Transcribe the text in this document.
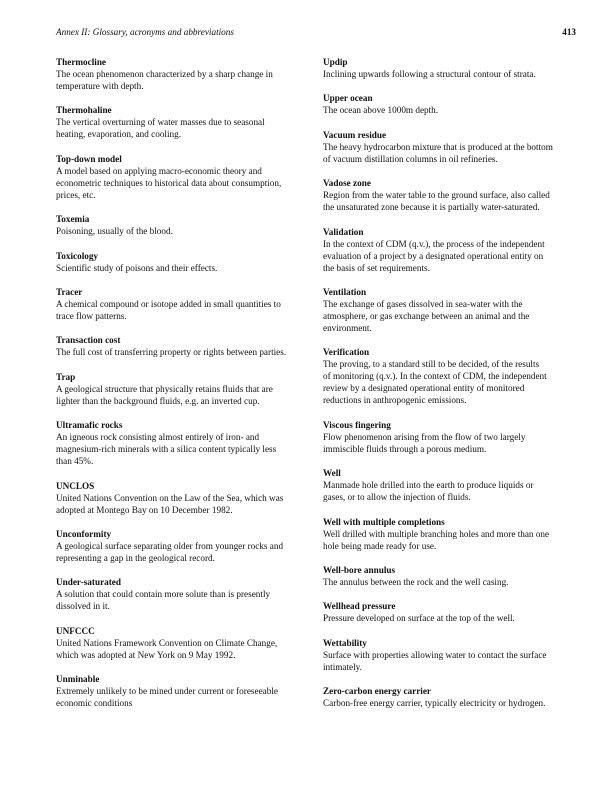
Annex II: Glossary, acronyms and abbreviations	413
Thermocline
The ocean phenomenon characterized by a sharp change in
temperature with depth.
Thermohaline
The vertical overturning of water masses due to seasonal
heating, evaporation, and cooling.
Top-down model
A model based on applying macro-economic theory and
econometric techniques to historical data about consumption,
prices, etc.
Toxemia
Poisoning, usually of the blood.
Toxicology
Scientific study of poisons and their effects.
Tracer
A chemical compound or isotope added in small quantities to
trace flow patterns.
Transaction cost
The full cost of transferring property or rights between parties.
Trap
A geological structure that physically retains fluids that are
lighter than the background fluids, e.g. an inverted cup.
Ultramafic rocks
An igneous rock consisting almost entirely of iron- and
magnesium-rich minerals with a silica content typically less
than 45%.
UNCLOS
United Nations Convention on the Law of the Sea, which was
adopted at Montego Bay on 10 December 1982.
Unconformity
A geological surface separating older from younger rocks and
representing a gap in the geological record.
Under-saturated
A solution that could contain more solute than is presently
dissolved in it.
UNFCCC
United Nations Framework Convention on Climate Change,
which was adopted at New York on 9 May 1992.
Unminable
Extremely unlikely to be mined under current or foreseeable
economic conditions
Updip
Inclining upwards following a structural contour of strata.
Upper ocean
The ocean above 1000m depth.
Vacuum residue
The heavy hydrocarbon mixture that is produced at the bottom
of vacuum distillation columns in oil refineries.
Vadose zone
Region from the water table to the ground surface, also called
the unsaturated zone because it is partially water-saturated.
Validation
In the context of CDM (q.v.), the process of the independent
evaluation of a project by a designated operational entity on
the basis of set requirements.
Ventilation
The exchange of gases dissolved in sea-water with the
atmosphere, or gas exchange between an animal and the
environment.
Verification
The proving, to a standard still to be decided, of the results
of monitoring (q.v.). In the context of CDM, the independent
review by a designated operational entity of monitored
reductions in anthropogenic emissions.
Viscous fingering
Flow phenomenon arising from the flow of two largely
immiscible fluids through a porous medium.
Well
Manmade hole drilled into the earth to produce liquids or
gases, or to allow the injection of fluids.
Well with multiple completions
Well drilled with multiple branching holes and more than one
hole being made ready for use.
Well-bore annulus
The annulus between the rock and the well casing.
Wellhead pressure
Pressure developed on surface at the top of the well.
Wettability
Surface with properties allowing water to contact the surface
intimately.
Zero-carbon energy carrier
Carbon-free energy carrier, typically electricity or hydrogen.
